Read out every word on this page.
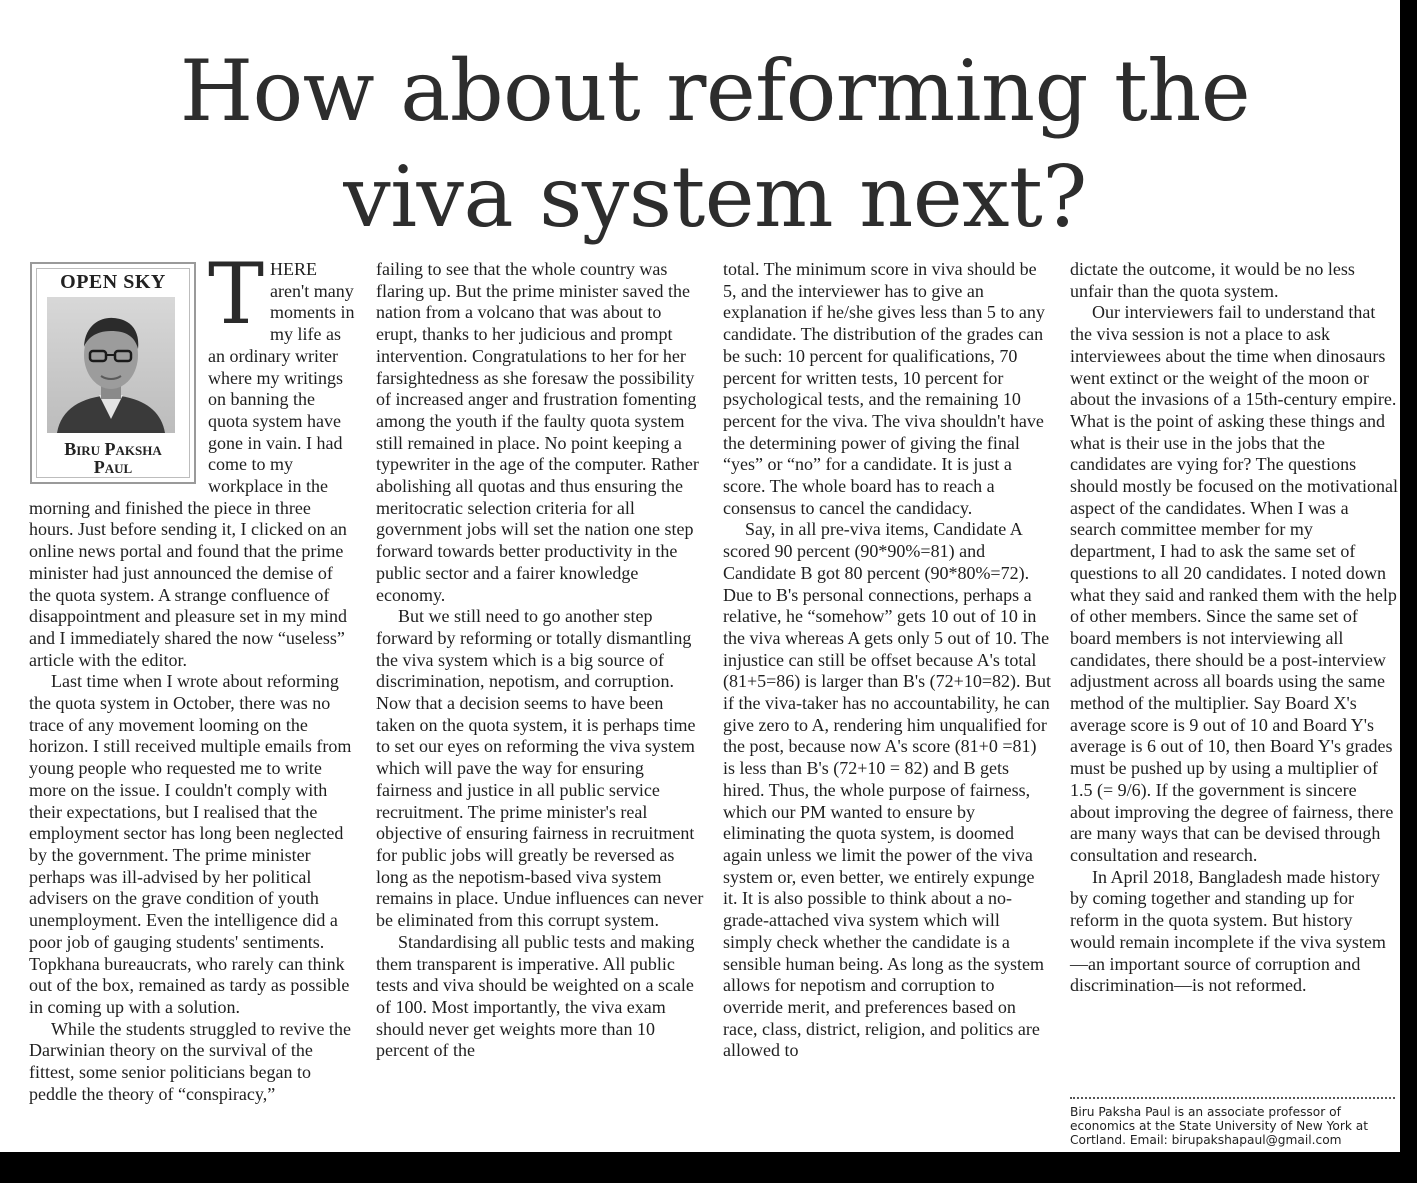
How about reforming the
viva system next?
OPEN SKY
Biru Paksha
Paul

THERE aren't many moments in my life as an ordinary writer where my writings on banning the quota system have gone in vain. I had come to my workplace in the morning and finished the piece in three hours. Just before sending it, I clicked on an online news portal and found that the prime minister had just announced the demise of the quota system. A strange confluence of disappointment and pleasure set in my mind and I immediately shared the now “useless” article with the editor.

Last time when I wrote about reforming the quota system in October, there was no trace of any movement looming on the horizon. I still received multiple emails from young people who requested me to write more on the issue. I couldn't comply with their expectations, but I realised that the employment sector has long been neglected by the government. The prime minister perhaps was ill-advised by her political advisers on the grave condition of youth unemployment. Even the intelligence did a poor job of gauging students' sentiments. Topkhana bureaucrats, who rarely can think out of the box, remained as tardy as possible in coming up with a solution.

While the students struggled to revive the Darwinian theory on the survival of the fittest, some senior politicians began to peddle the theory of “conspiracy,”

failing to see that the whole country was flaring up. But the prime minister saved the nation from a volcano that was about to erupt, thanks to her judicious and prompt intervention. Congratulations to her for her farsightedness as she foresaw the possibility of increased anger and frustration fomenting among the youth if the faulty quota system still remained in place. No point keeping a typewriter in the age of the computer. Rather abolishing all quotas and thus ensuring the meritocratic selection criteria for all government jobs will set the nation one step forward towards better productivity in the public sector and a fairer knowledge economy.

But we still need to go another step forward by reforming or totally dismantling the viva system which is a big source of discrimination, nepotism, and corruption. Now that a decision seems to have been taken on the quota system, it is perhaps time to set our eyes on reforming the viva system which will pave the way for ensuring fairness and justice in all public service recruitment. The prime minister's real objective of ensuring fairness in recruitment for public jobs will greatly be reversed as long as the nepotism-based viva system remains in place. Undue influences can never be eliminated from this corrupt system.

Standardising all public tests and making them transparent is imperative. All public tests and viva should be weighted on a scale of 100. Most importantly, the viva exam should never get weights more than 10 percent of the

total. The minimum score in viva should be 5, and the interviewer has to give an explanation if he/she gives less than 5 to any candidate. The distribution of the grades can be such: 10 percent for qualifications, 70 percent for written tests, 10 percent for psychological tests, and the remaining 10 percent for the viva. The viva shouldn't have the determining power of giving the final “yes” or “no” for a candidate. It is just a score. The whole board has to reach a consensus to cancel the candidacy.

Say, in all pre-viva items, Candidate A scored 90 percent (90*90%=81) and Candidate B got 80 percent (90*80%=72). Due to B's personal connections, perhaps a relative, he “somehow” gets 10 out of 10 in the viva whereas A gets only 5 out of 10. The injustice can still be offset because A's total (81+5=86) is larger than B's (72+10=82). But if the viva-taker has no accountability, he can give zero to A, rendering him unqualified for the post, because now A's score (81+0 =81) is less than B's (72+10 = 82) and B gets hired. Thus, the whole purpose of fairness, which our PM wanted to ensure by eliminating the quota system, is doomed again unless we limit the power of the viva system or, even better, we entirely expunge it. It is also possible to think about a no-grade-attached viva system which will simply check whether the candidate is a sensible human being. As long as the system allows for nepotism and corruption to override merit, and preferences based on race, class, district, religion, and politics are allowed to

dictate the outcome, it would be no less unfair than the quota system.

Our interviewers fail to understand that the viva session is not a place to ask interviewees about the time when dinosaurs went extinct or the weight of the moon or about the invasions of a 15th-century empire. What is the point of asking these things and what is their use in the jobs that the candidates are vying for? The questions should mostly be focused on the motivational aspect of the candidates. When I was a search committee member for my department, I had to ask the same set of questions to all 20 candidates. I noted down what they said and ranked them with the help of other members. Since the same set of board members is not interviewing all candidates, there should be a post-interview adjustment across all boards using the same method of the multiplier. Say Board X's average score is 9 out of 10 and Board Y's average is 6 out of 10, then Board Y's grades must be pushed up by using a multiplier of 1.5 (= 9/6). If the government is sincere about improving the degree of fairness, there are many ways that can be devised through consultation and research.

In April 2018, Bangladesh made history by coming together and standing up for reform in the quota system. But history would remain incomplete if the viva system—an important source of corruption and discrimination—is not reformed.

Biru Paksha Paul is an associate professor of economics at the State University of New York at Cortland. Email: birupakshapaul@gmail.com
